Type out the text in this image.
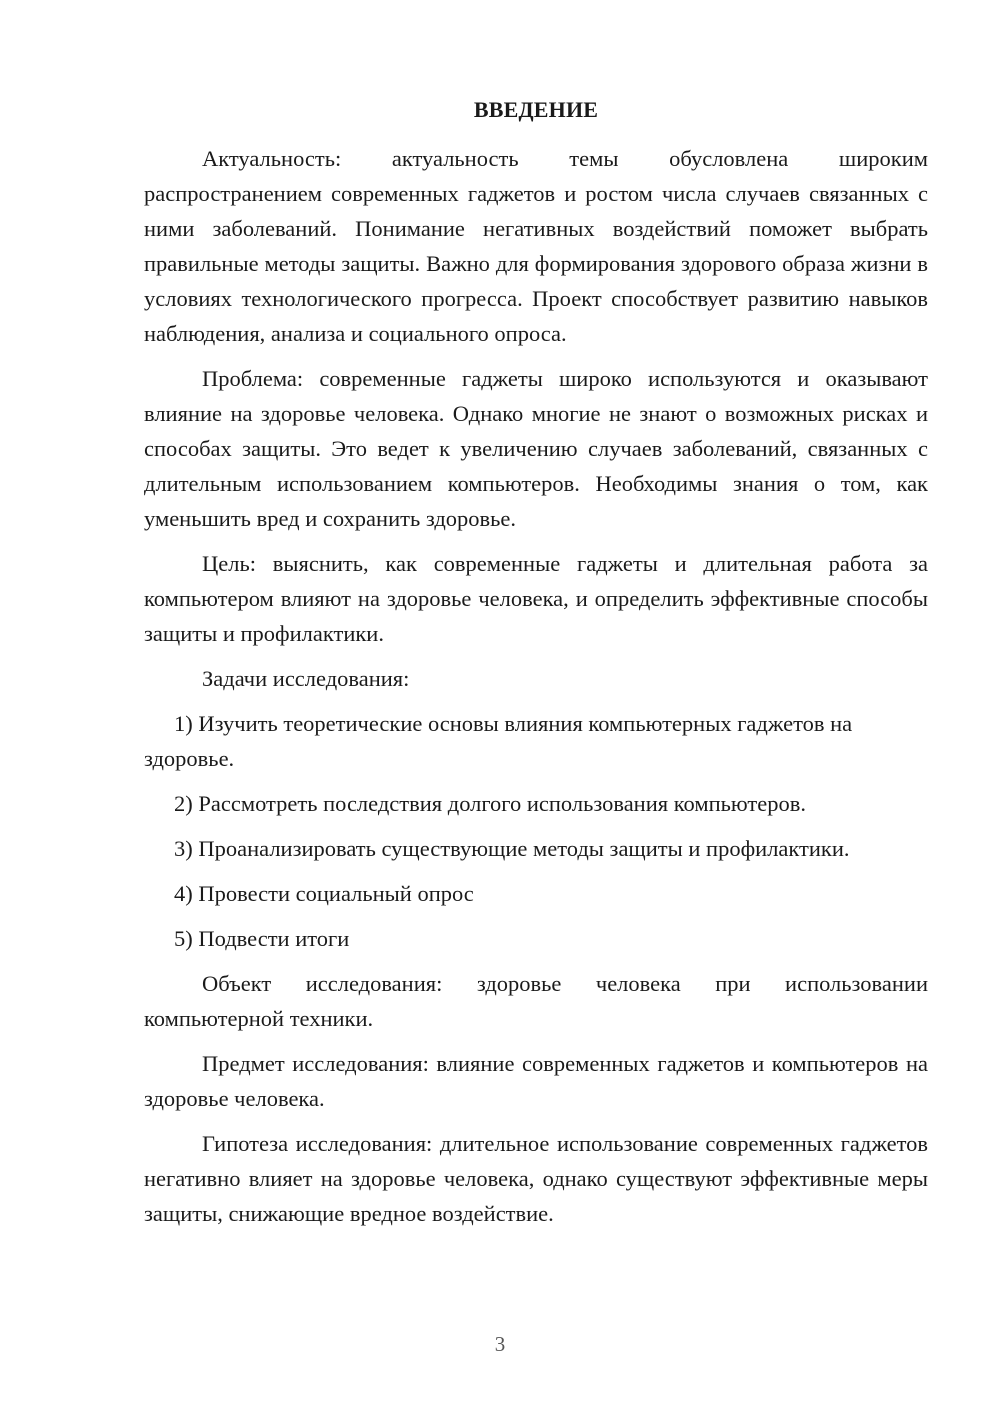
ВВЕДЕНИЕ

Актуальность: актуальность темы обусловлена широким распространением современных гаджетов и ростом числа случаев связанных с ними заболеваний. Понимание негативных воздействий поможет выбрать правильные методы защиты. Важно для формирования здорового образа жизни в условиях технологического прогресса. Проект способствует развитию навыков наблюдения, анализа и социального опроса.

Проблема: современные гаджеты широко используются и оказывают влияние на здоровье человека. Однако многие не знают о возможных рисках и способах защиты. Это ведет к увеличению случаев заболеваний, связанных с длительным использованием компьютеров. Необходимы знания о том, как уменьшить вред и сохранить здоровье.

Цель: выяснить, как современные гаджеты и длительная работа за компьютером влияют на здоровье человека, и определить эффективные способы защиты и профилактики.

Задачи исследования:

1) Изучить теоретические основы влияния компьютерных гаджетов на здоровье.
2) Рассмотреть последствия долгого использования компьютеров.
3) Проанализировать существующие методы защиты и профилактики.
4) Провести социальный опрос
5) Подвести итоги

Объект исследования: здоровье человека при использовании компьютерной техники.

Предмет исследования: влияние современных гаджетов и компьютеров на здоровье человека.

Гипотеза исследования: длительное использование современных гаджетов негативно влияет на здоровье человека, однако существуют эффективные меры защиты, снижающие вредное воздействие.

3
